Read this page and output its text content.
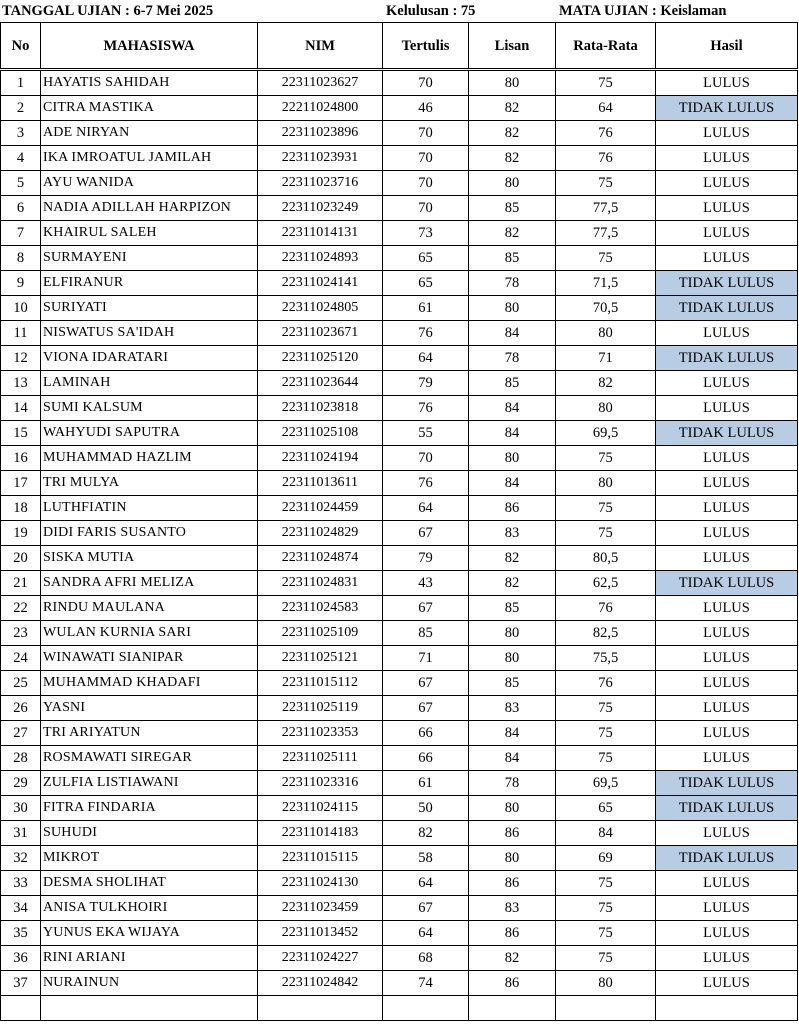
TANGGAL UJIAN : 6-7 Mei 2025	Kelulusan : 75	MATA UJIAN : Keislaman
No	MAHASISWA	NIM	Tertulis	Lisan	Rata-Rata	Hasil
1	HAYATIS SAHIDAH	22311023627	70	80	75	LULUS
2	CITRA MASTIKA	22211024800	46	82	64	TIDAK LULUS
3	ADE NIRYAN	22311023896	70	82	76	LULUS
4	IKA IMROATUL JAMILAH	22311023931	70	82	76	LULUS
5	AYU WANIDA	22311023716	70	80	75	LULUS
6	NADIA ADILLAH HARPIZON	22311023249	70	85	77,5	LULUS
7	KHAIRUL SALEH	22311014131	73	82	77,5	LULUS
8	SURMAYENI	22311024893	65	85	75	LULUS
9	ELFIRANUR	22311024141	65	78	71,5	TIDAK LULUS
10	SURIYATI	22311024805	61	80	70,5	TIDAK LULUS
11	NISWATUS SA'IDAH	22311023671	76	84	80	LULUS
12	VIONA IDARATARI	22311025120	64	78	71	TIDAK LULUS
13	LAMINAH	22311023644	79	85	82	LULUS
14	SUMI KALSUM	22311023818	76	84	80	LULUS
15	WAHYUDI SAPUTRA	22311025108	55	84	69,5	TIDAK LULUS
16	MUHAMMAD HAZLIM	22311024194	70	80	75	LULUS
17	TRI MULYA	22311013611	76	84	80	LULUS
18	LUTHFIATIN	22311024459	64	86	75	LULUS
19	DIDI FARIS SUSANTO	22311024829	67	83	75	LULUS
20	SISKA MUTIA	22311024874	79	82	80,5	LULUS
21	SANDRA AFRI MELIZA	22311024831	43	82	62,5	TIDAK LULUS
22	RINDU MAULANA	22311024583	67	85	76	LULUS
23	WULAN KURNIA SARI	22311025109	85	80	82,5	LULUS
24	WINAWATI SIANIPAR	22311025121	71	80	75,5	LULUS
25	MUHAMMAD KHADAFI	22311015112	67	85	76	LULUS
26	YASNI	22311025119	67	83	75	LULUS
27	TRI ARIYATUN	22311023353	66	84	75	LULUS
28	ROSMAWATI SIREGAR	22311025111	66	84	75	LULUS
29	ZULFIA LISTIAWANI	22311023316	61	78	69,5	TIDAK LULUS
30	FITRA FINDARIA	22311024115	50	80	65	TIDAK LULUS
31	SUHUDI	22311014183	82	86	84	LULUS
32	MIKROT	22311015115	58	80	69	TIDAK LULUS
33	DESMA SHOLIHAT	22311024130	64	86	75	LULUS
34	ANISA TULKHOIRI	22311023459	67	83	75	LULUS
35	YUNUS EKA WIJAYA	22311013452	64	86	75	LULUS
36	RINI ARIANI	22311024227	68	82	75	LULUS
37	NURAINUN	22311024842	74	86	80	LULUS
